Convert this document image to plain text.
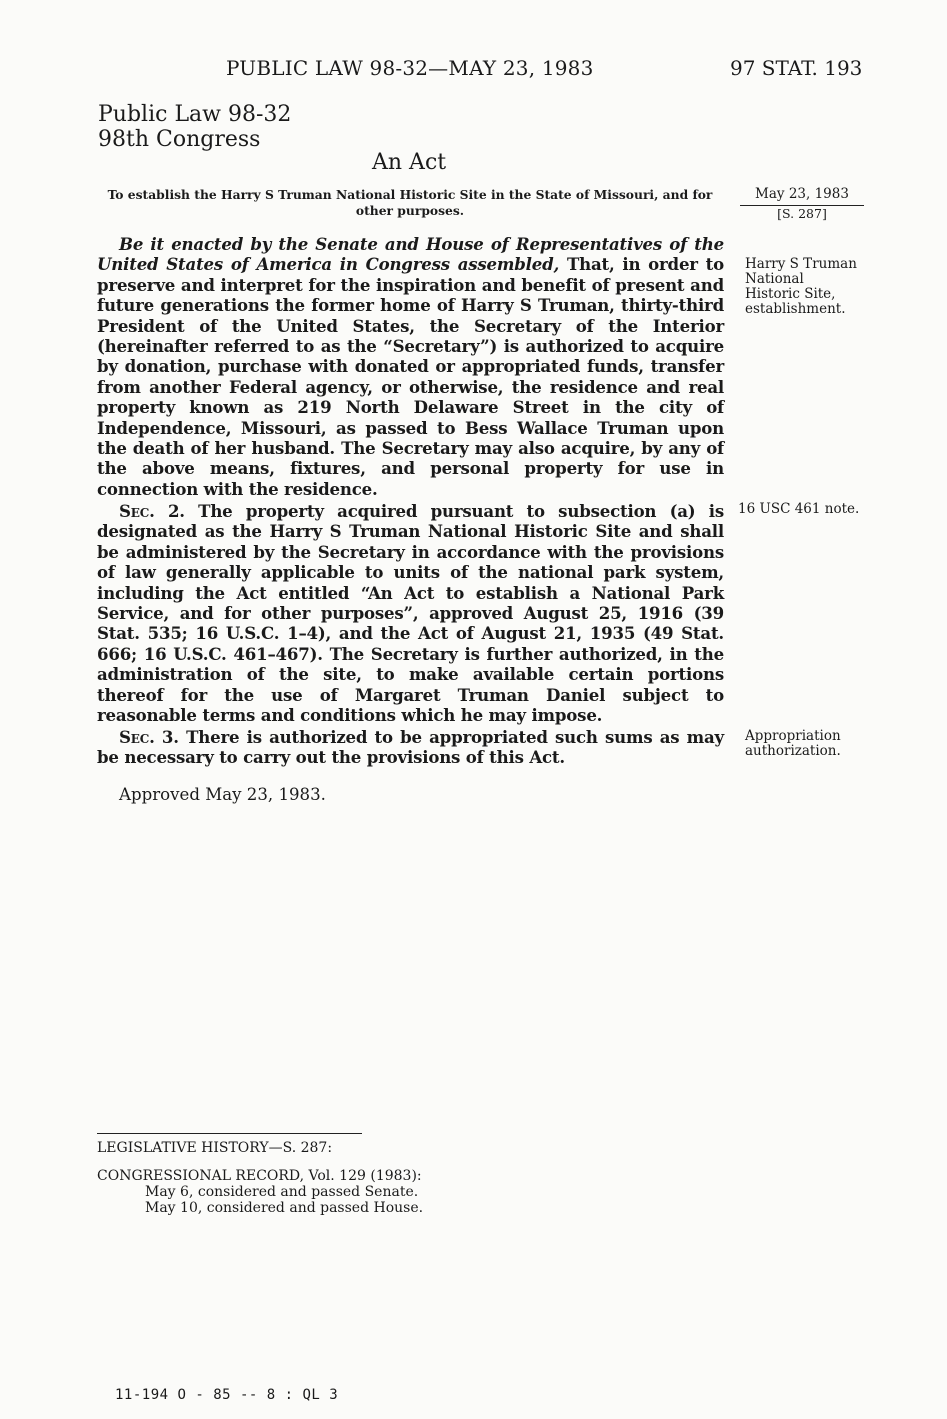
PUBLIC LAW 98-32—MAY 23, 1983	97 STAT. 193
Public Law 98-32
98th Congress
An Act
To establish the Harry S Truman National Historic Site in the State of Missouri, and for other purposes.
May 23, 1983
[S. 287]
Harry S Truman
National
Historic Site,
establishment.
16 USC 461 note.
Appropriation
authorization.
Be it enacted by the Senate and House of Representatives of the United States of America in Congress assembled, That, in order to preserve and interpret for the inspiration and benefit of present and future generations the former home of Harry S Truman, thirty-third President of the United States, the Secretary of the Interior (hereinafter referred to as the “Secretary”) is authorized to acquire by donation, purchase with donated or appropriated funds, transfer from another Federal agency, or otherwise, the residence and real property known as 219 North Delaware Street in the city of Independence, Missouri, as passed to Bess Wallace Truman upon the death of her husband. The Secretary may also acquire, by any of the above means, fixtures, and personal property for use in connection with the residence.
Sec. 2. The property acquired pursuant to subsection (a) is designated as the Harry S Truman National Historic Site and shall be administered by the Secretary in accordance with the provisions of law generally applicable to units of the national park system, including the Act entitled “An Act to establish a National Park Service, and for other purposes”, approved August 25, 1916 (39 Stat. 535; 16 U.S.C. 1–4), and the Act of August 21, 1935 (49 Stat. 666; 16 U.S.C. 461–467). The Secretary is further authorized, in the administration of the site, to make available certain portions thereof for the use of Margaret Truman Daniel subject to reasonable terms and conditions which he may impose.
Sec. 3. There is authorized to be appropriated such sums as may be necessary to carry out the provisions of this Act.
Approved May 23, 1983.
LEGISLATIVE HISTORY—S. 287:
CONGRESSIONAL RECORD, Vol. 129 (1983):
May 6, considered and passed Senate.
May 10, considered and passed House.
11-194 O - 85 -- 8 : QL 3
